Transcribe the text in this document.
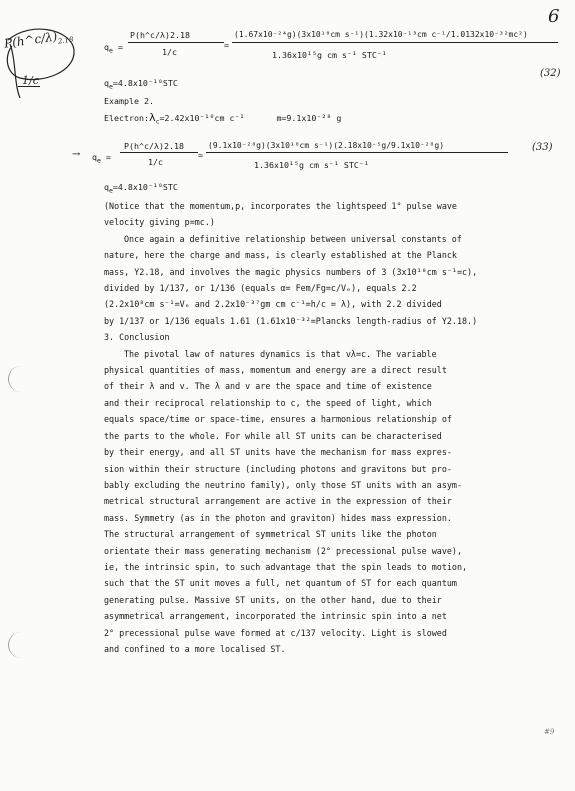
6
$P(h\^{}c/\lambda)_{2.18}$
1/c
$q_e$ =
P(h^c/λ)2.18
1/c
=
(1.67x10⁻²⁴g)(3x10¹⁰cm s⁻¹)(1.32x10⁻¹³cm c⁻¹/1.0132x10⁻³²mc²)
1.36x10¹⁵g cm s⁻¹ STC⁻¹
$q_e=4.8x10^{-10}STC$
(32)
Example 2.
$Electron:\lambda_c=2.42x10^{-10}cm$ c⁻¹	m=9.1x10⁻²⁸ g
→ $q_e$ =
P(h^c/λ)2.18
1/c
=
(9.1x10⁻²⁸g)(3x10¹⁰cm s⁻¹)(2.18x10⁻⁵g/9.1x10⁻²⁸g)
1.36x10¹⁵g cm s⁻¹ STC⁻¹
(33)
$q_e=4.8x10^{-10}STC$
(Notice that the momentum,p, incorporates the lightspeed 1° pulse wave
velocity giving p=mc.)
Once again a definitive relationship between universal constants of
nature, here the charge and mass, is clearly established at the Planck
mass, Υ2.18, and involves the magic physics numbers of 3 (3x10¹⁰cm s⁻¹=c),
divided by 1/137, or 1/136 (equals α= Fem/Fg=c/Vₑ), equals 2.2
(2.2x10⁸cm s⁻¹=Vₑ and 2.2x10⁻³⁷gm cm c⁻¹=h/c = λ), with 2.2 divided
by 1/137 or 1/136 equals 1.61 (1.61x10⁻³²=Plancks length-radius of Υ2.18.)
3. Conclusion
The pivotal law of natures dynamics is that vλ=c. The variable
physical quantities of mass, momentum and energy are a direct result
of their λ and v. The λ and v are the space and time of existence
and their reciprocal relationship to c, the speed of light, which
equals space/time or space-time, ensures a harmonious relationship of
the parts to the whole. For while all ST units can be characterised
by their energy, and all ST units have the mechanism for mass expres-
sion within their structure (including photons and gravitons but pro-
bably excluding the neutrino family), only those ST units with an asym-
metrical structural arrangement are active in the expression of their
mass. Symmetry (as in the photon and graviton) hides mass expression.
The structural arrangement of symmetrical ST units like the photon
orientate their mass generating mechanism (2° precessional pulse wave),
ie, the intrinsic spin, to such advantage that the spin leads to motion,
such that the ST unit moves a full, net quantum of ST for each quantum
generating pulse. Massive ST units, on the other hand, due to their
asymmetrical arrangement, incorporated the intrinsic spin into a net
2° precessional pulse wave formed at c/137 velocity. Light is slowed
and confined to a more localised ST.
#9
